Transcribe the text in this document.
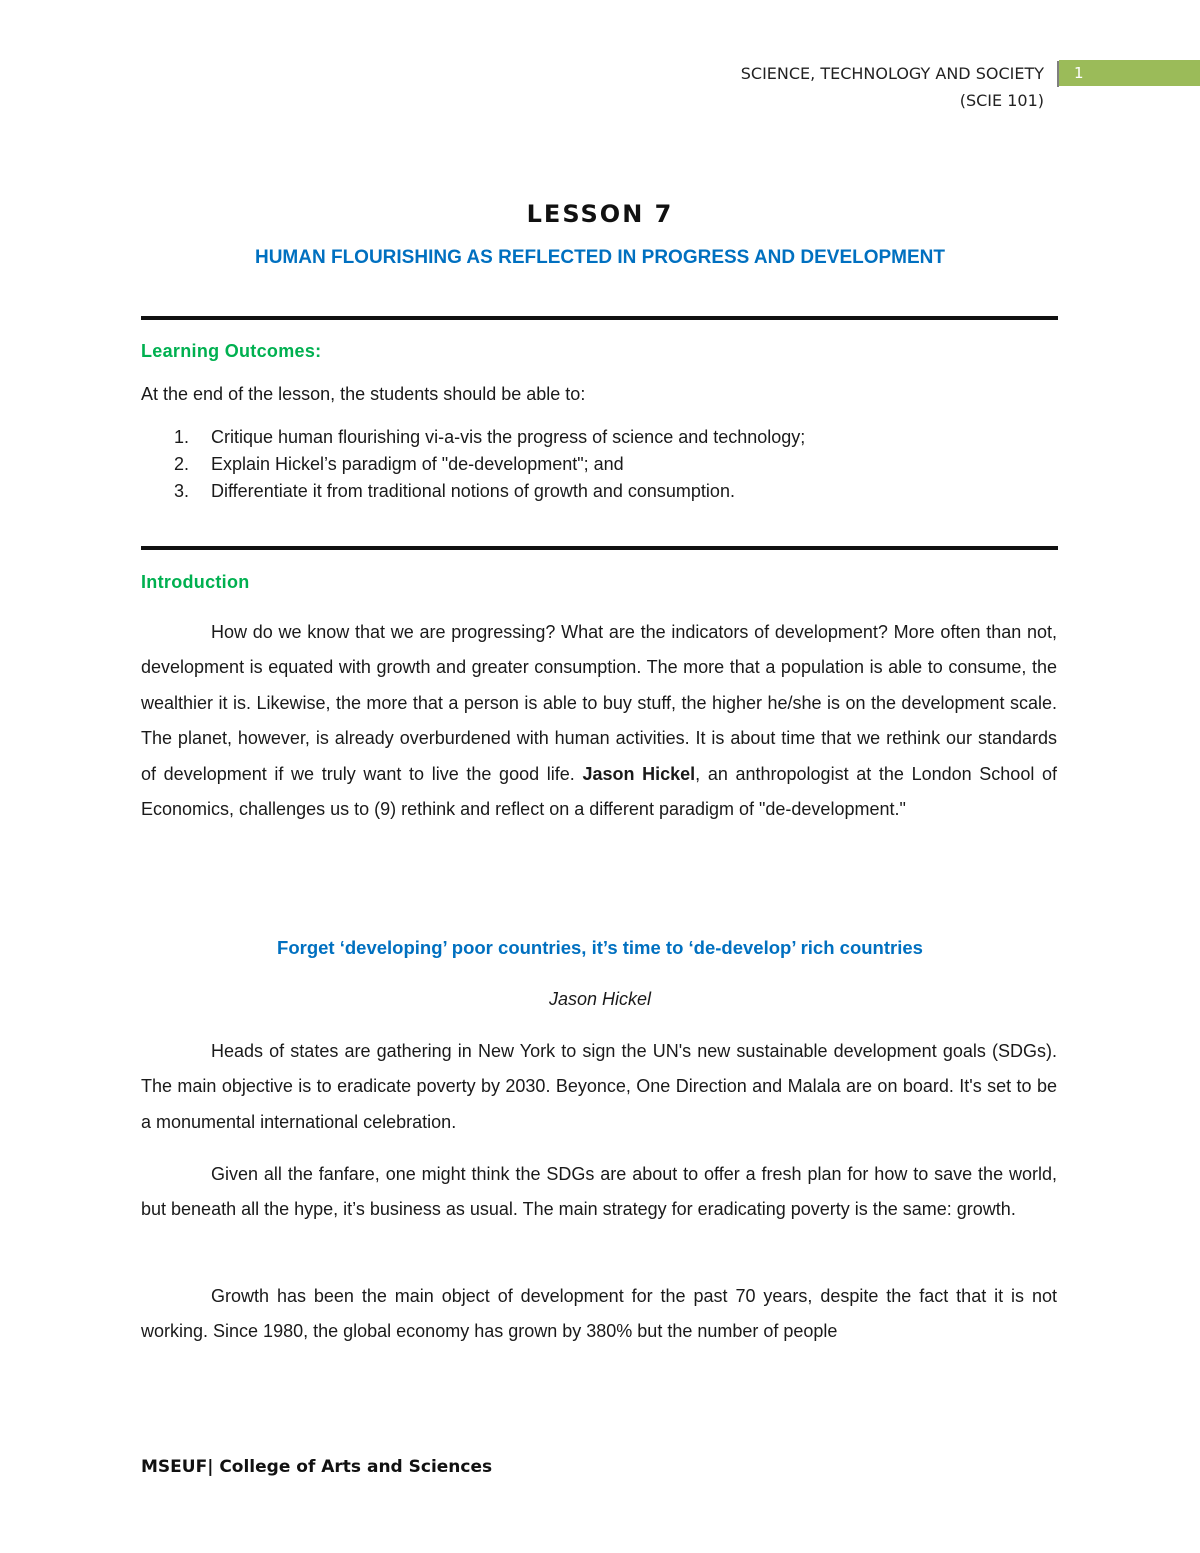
SCIENCE, TECHNOLOGY AND SOCIETY
(SCIE 101)
1
LESSON 7
HUMAN FLOURISHING AS REFLECTED IN PROGRESS AND DEVELOPMENT
Learning Outcomes:
At the end of the lesson, the students should be able to:
1.	Critique human flourishing vi-a-vis the progress of science and technology;
2.	Explain Hickel’s paradigm of "de-development"; and
3.	Differentiate it from traditional notions of growth and consumption.
Introduction

How do we know that we are progressing? What are the indicators of development? More often than not, development is equated with growth and greater consumption. The more that a population is able to consume, the wealthier it is. Likewise, the more that a person is able to buy stuff, the higher he/she is on the development scale. The planet, however, is already overburdened with human activities. It is about time that we rethink our standards of development if we truly want to live the good life. Jason Hickel, an anthropologist at the London School of Economics, challenges us to (9) rethink and reflect on a different paradigm of "de-development."

Forget ‘developing’ poor countries, it’s time to ‘de-develop’ rich countries
Jason Hickel

Heads of states are gathering in New York to sign the UN's new sustainable development goals (SDGs). The main objective is to eradicate poverty by 2030. Beyonce, One Direction and Malala are on board. It's set to be a monumental international celebration.

Given all the fanfare, one might think the SDGs are about to offer a fresh plan for how to save the world, but beneath all the hype, it’s business as usual. The main strategy for eradicating poverty is the same: growth.

Growth has been the main object of development for the past 70 years, despite the fact that it is not working. Since 1980, the global economy has grown by 380% but the number of people

MSEUF| College of Arts and Sciences
